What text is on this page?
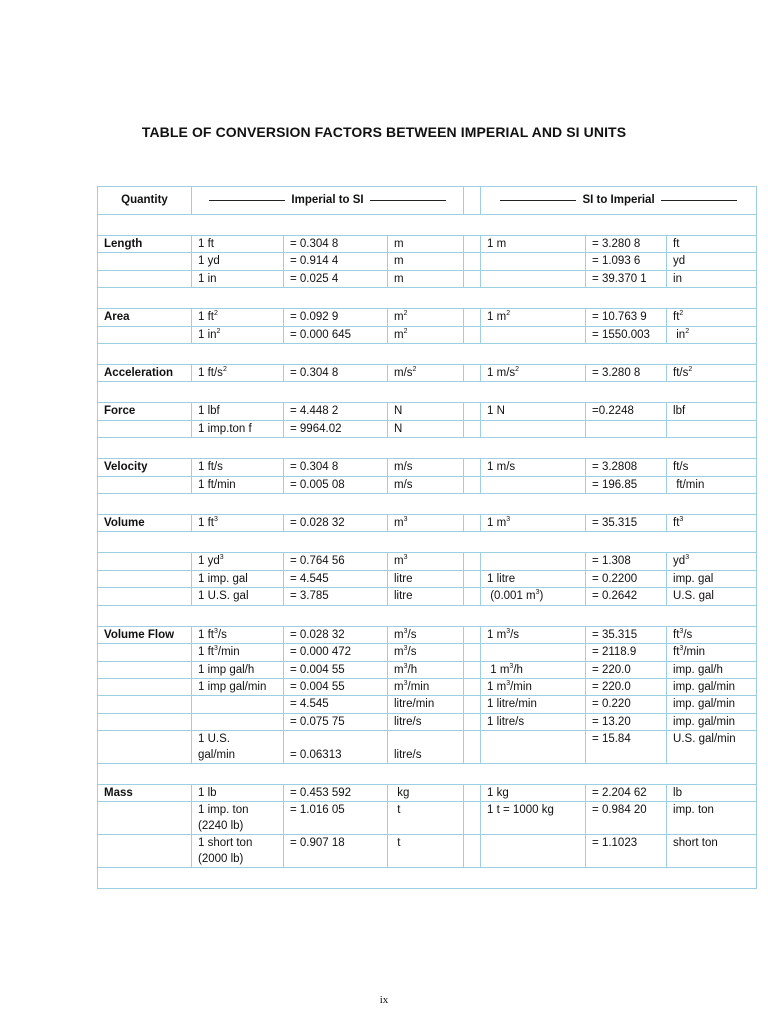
TABLE OF CONVERSION FACTORS BETWEEN IMPERIAL AND SI UNITS
Quantity	Imperial to SI				SI to Imperial		

Length	1 ft	= 0.304 8	m		1 m	= 3.280 8	ft
	1 yd	= 0.914 4	m			= 1.093 6	yd
	1 in	= 0.025 4	m			= 39.370 1	in

Area	1 $ft^2$	= 0.092 9	$m^2$		1 $m^2$	= 10.763 9	$ft^2$
	1 $in^2$	= 0.000 645	$m^2$			= 1550.003	$in^2$

Acceleration	1 $ft/s^2$	= 0.304 8	$m/s^2$		1 $m/s^2$	= 3.280 8	$ft/s^2$

Force	1 lbf	= 4.448 2	N		1 N	=0.2248	lbf
	1 imp.ton f	= 9964.02	N				

Velocity	1 ft/s	= 0.304 8	m/s		1 m/s	= 3.2808	ft/s
	1 ft/min	= 0.005 08	m/s			= 196.85	ft/min

Volume	1 $ft^3$	= 0.028 32	$m^3$		1 $m^3$	= 35.315	$ft^3$

	1 $yd^3$	= 0.764 56	$m^3$			= 1.308	$yd^3$
	1 imp. gal	= 4.545	litre		1 litre	= 0.2200	imp. gal
	1 U.S. gal	= 3.785	litre		(0.001 $m^3$)	= 0.2642	U.S. gal

Volume Flow	1 $ft^3/s$	= 0.028 32	$m^3/s$		1 $m^3/s$	= 35.315	$ft^3/s$
	1 $ft^3/\min$	= 0.000 472	$m^3/s$			= 2118.9	$ft^3/\min$
	1 imp gal/h	= 0.004 55	$m^3/h$		1 $m^3/h$	= 220.0	imp. gal/h
	1 imp gal/min	= 0.004 55	$m^3/\min$		1 $m^3/\min$	= 220.0	imp. gal/min
		= 4.545	litre/min		1 litre/min	= 0.220	imp. gal/min
		= 0.075 75	litre/s		1 litre/s	= 13.20	imp. gal/min
	1 U.S.
gal/min	= 0.06313	litre/s			= 15.84	U.S. gal/min

Mass	1 lb	= 0.453 592	kg		1 kg	= 2.204 62	lb
	1 imp. ton
(2240 lb)	= 1.016 05	t		1 t = 1000 kg	= 0.984 20	imp. ton
	1 short ton
(2000 lb)	= 0.907 18	t			= 1.1023	short ton

ix
